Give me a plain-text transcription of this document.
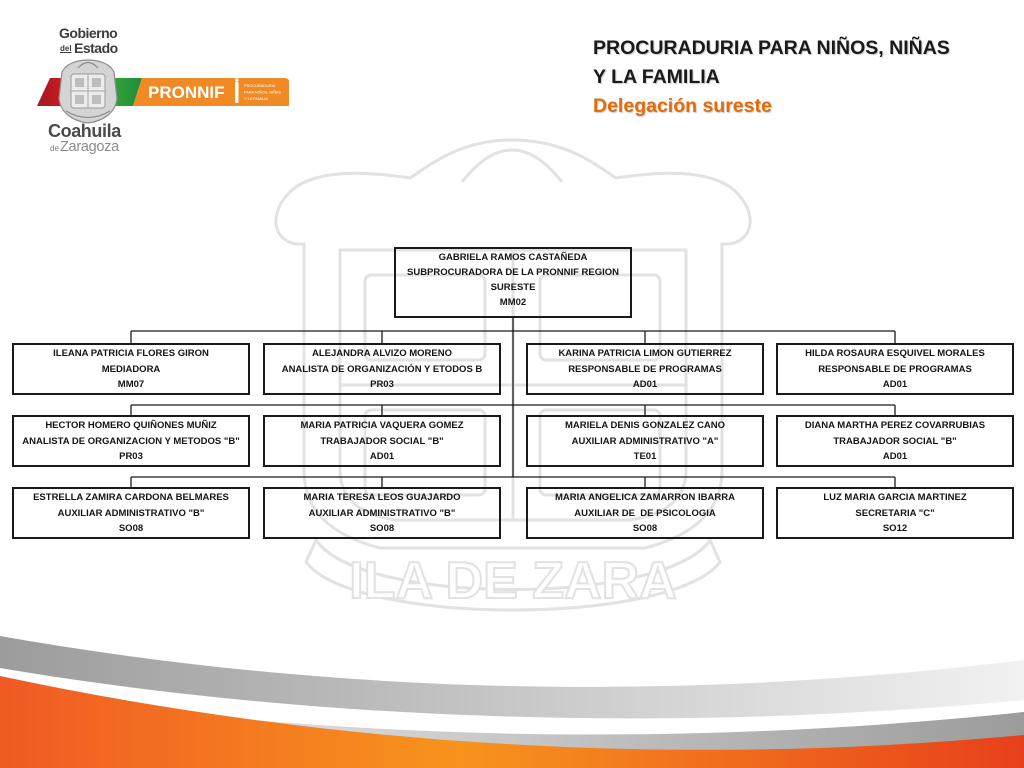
ILA DE ZARA
Gobierno
del Estado
PRONNIF	PROCURADURIA
PARA NIÑOS, NIÑAS
Y LA FAMILIA
Coahuila
de Zaragoza
PROCURADURIA PARA NIÑOS, NIÑAS
Y LA FAMILIA
Delegación sureste
GABRIELA RAMOS CASTAÑEDA
SUBPROCURADORA DE LA PRONNIF REGION SURESTE
MM02
ILEANA PATRICIA FLORES GIRON
MEDIADORA
MM07
ALEJANDRA ALVIZO MORENO
ANALISTA DE ORGANIZACIÓN Y ETODOS B
PR03
KARINA PATRICIA LIMON GUTIERREZ
RESPONSABLE DE PROGRAMAS
AD01
HILDA ROSAURA ESQUIVEL MORALES
RESPONSABLE DE PROGRAMAS
AD01
HECTOR HOMERO QUIÑONES MUÑIZ
ANALISTA DE ORGANIZACION Y METODOS "B"
PR03
MARIA PATRICIA VAQUERA GOMEZ
TRABAJADOR SOCIAL "B"
AD01
MARIELA DENIS GONZALEZ CANO
AUXILIAR ADMINISTRATIVO "A"
TE01
DIANA MARTHA PEREZ COVARRUBIAS
TRABAJADOR SOCIAL "B"
AD01
ESTRELLA ZAMIRA CARDONA BELMARES
AUXILIAR ADMINISTRATIVO "B"
SO08
MARIA TERESA LEOS GUAJARDO
AUXILIAR ADMINISTRATIVO "B"
SO08
MARIA ANGELICA ZAMARRON IBARRA
AUXILIAR DE  DE PSICOLOGIA
SO08
LUZ MARIA GARCIA MARTINEZ
SECRETARIA "C"
SO12
